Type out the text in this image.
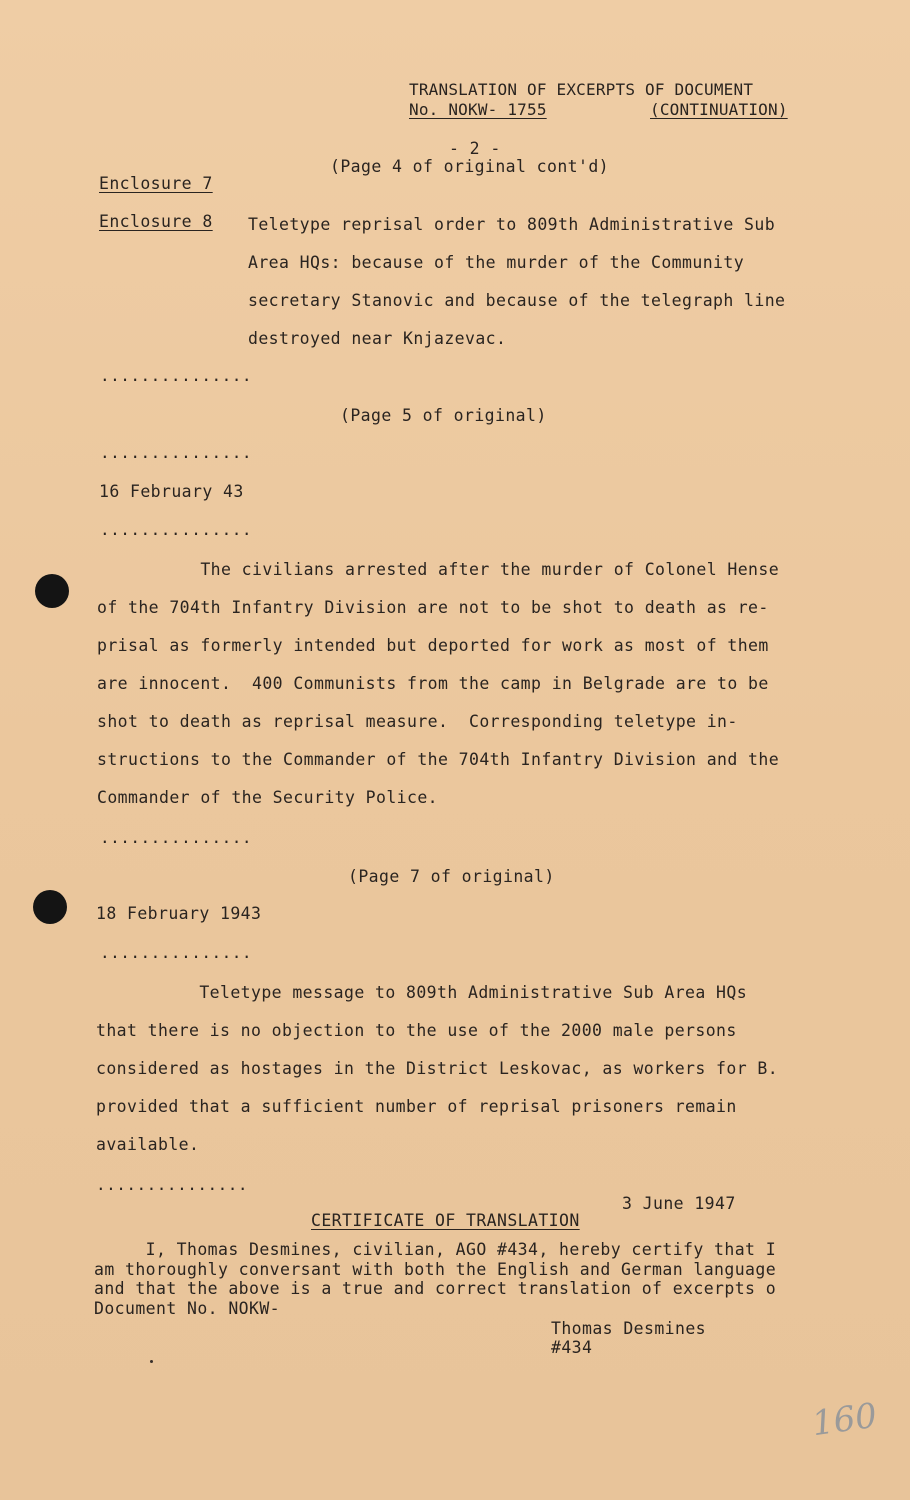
TRANSLATION OF EXCERPTS OF DOCUMENT
No. NOKW- 1755	(CONTINUATION)
- 2 -
(Page 4 of original cont'd)
Enclosure 7
Enclosure 8 Teletype reprisal order to 809th Administrative Sub
Area HQs: because of the murder of the Community
secretary Stanovic and because of the telegraph line
destroyed near Knjazevac.
...............
(Page 5 of original)
...............
16 February 43
...............
The civilians arrested after the murder of Colonel Hense
of the 704th Infantry Division are not to be shot to death as re-
prisal as formerly intended but deported for work as most of them
are innocent.  400 Communists from the camp in Belgrade are to be
shot to death as reprisal measure.  Corresponding teletype in-
structions to the Commander of the 704th Infantry Division and the
Commander of the Security Police.
...............
(Page 7 of original)
18 February 1943
...............
Teletype message to 809th Administrative Sub Area HQs
that there is no objection to the use of the 2000 male persons
considered as hostages in the District Leskovac, as workers for B.
provided that a sufficient number of reprisal prisoners remain
available.
...............
3 June 1947
CERTIFICATE OF TRANSLATION
I, Thomas Desmines, civilian, AGO #434, hereby certify that I
am thoroughly conversant with both the English and German language
and that the above is a true and correct translation of excerpts o
Document No. NOKW-
Thomas Desmines
#434
160
